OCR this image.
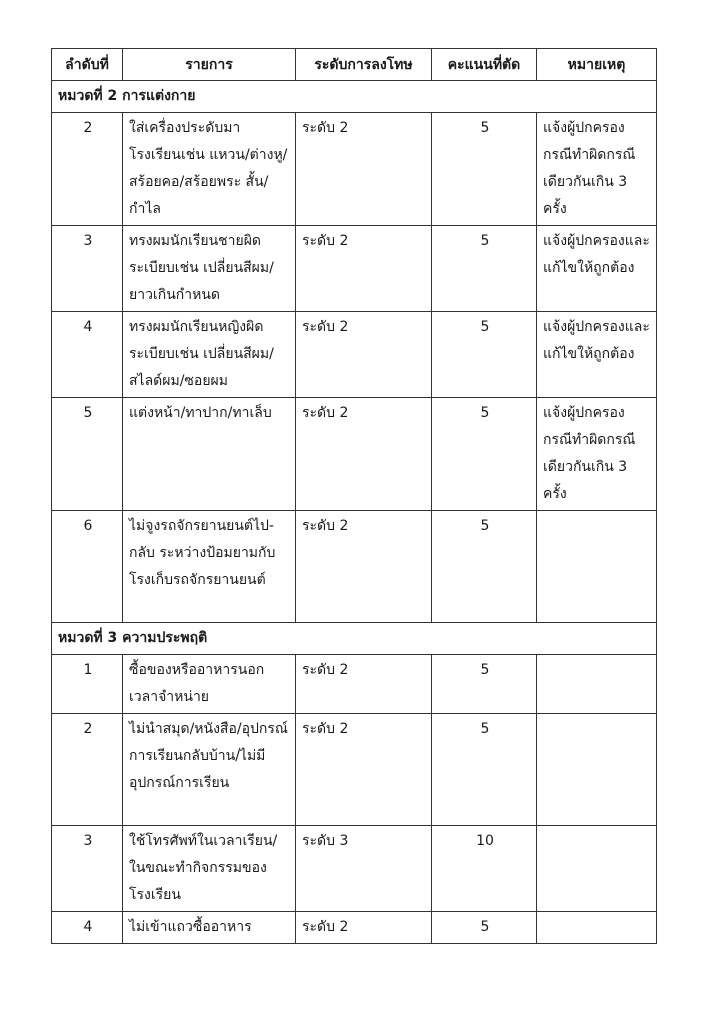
ลำดับที่	รายการ	ระดับการลงโทษ	คะแนนที่ตัด	หมายเหตุ
หมวดที่ 2 การแต่งกาย				
2	ใส่เครื่องประดับมาโรงเรียนเช่น แหวน/ต่างหู/สร้อยคอ/สร้อยพระ สั้น/กำไล	ระดับ 2	5	แจ้งผู้ปกครองกรณีทำผิดกรณีเดียวกันเกิน 3 ครั้ง
3	ทรงผมนักเรียนชายผิดระเบียบเช่น เปลี่ยนสีผม/ยาวเกินกำหนด	ระดับ 2	5	แจ้งผู้ปกครองและแก้ไขให้ถูกต้อง
4	ทรงผมนักเรียนหญิงผิดระเบียบเช่น เปลี่ยนสีผม/สไลด์ผม/ซอยผม	ระดับ 2	5	แจ้งผู้ปกครองและแก้ไขให้ถูกต้อง
5	แต่งหน้า/ทาปาก/ทาเล็บ	ระดับ 2	5	แจ้งผู้ปกครองกรณีทำผิดกรณีเดียวกันเกิน 3 ครั้ง
6	ไม่จูงรถจักรยานยนต์ไป-กลับ ระหว่างป้อมยามกับโรงเก็บรถจักรยานยนต์	ระดับ 2	5	
หมวดที่ 3 ความประพฤติ				
1	ซื้อของหรืออาหารนอกเวลาจำหน่าย	ระดับ 2	5	
2	ไม่นำสมุด/หนังสือ/อุปกรณ์การเรียนกลับบ้าน/ไม่มีอุปกรณ์การเรียน	ระดับ 2	5	
3	ใช้โทรศัพท์ในเวลาเรียน/ในขณะทำกิจกรรมของโรงเรียน	ระดับ 3	10	
4	ไม่เข้าแถวซื้ออาหาร	ระดับ 2	5	
